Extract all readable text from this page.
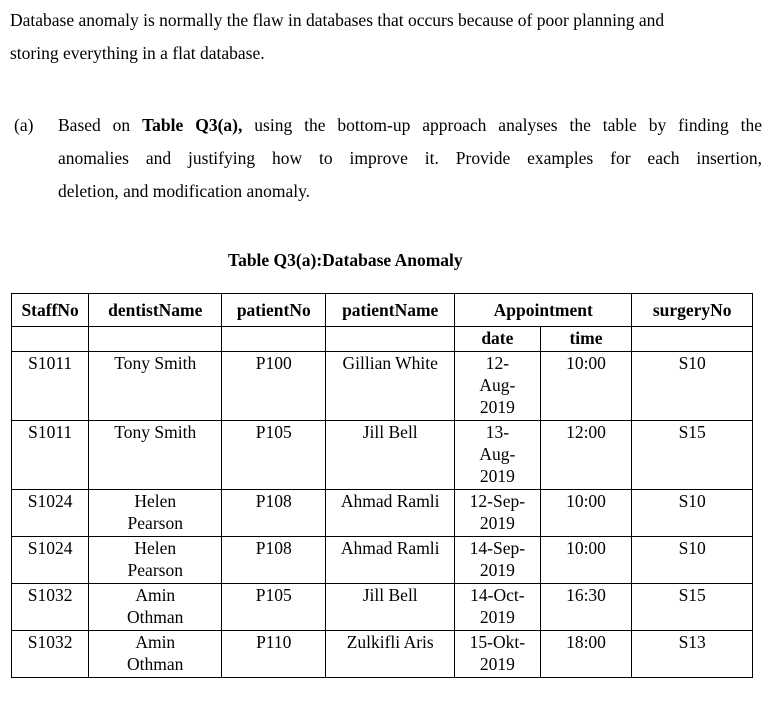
Database anomaly is normally the flaw in databases that occurs because of poor planning and
storing everything in a flat database.
(a) Based on Table Q3(a), using the bottom-up approach analyses the table by finding the
anomalies and justifying how to improve it. Provide examples for each insertion,
deletion, and modification anomaly.
Table Q3(a):Database Anomaly
StaffNo	dentistName	patientNo	patientName	Appointment		surgeryNo
				date	time	
S1011	Tony Smith	P100	Gillian White	12-
Aug-
2019	10:00	S10
S1011	Tony Smith	P105	Jill Bell	13-
Aug-
2019	12:00	S15
S1024	Helen
Pearson	P108	Ahmad Ramli	12-Sep-
2019	10:00	S10
S1024	Helen
Pearson	P108	Ahmad Ramli	14-Sep-
2019	10:00	S10
S1032	Amin
Othman	P105	Jill Bell	14-Oct-
2019	16:30	S15
S1032	Amin
Othman	P110	Zulkifli Aris	15-Okt-
2019	18:00	S13
